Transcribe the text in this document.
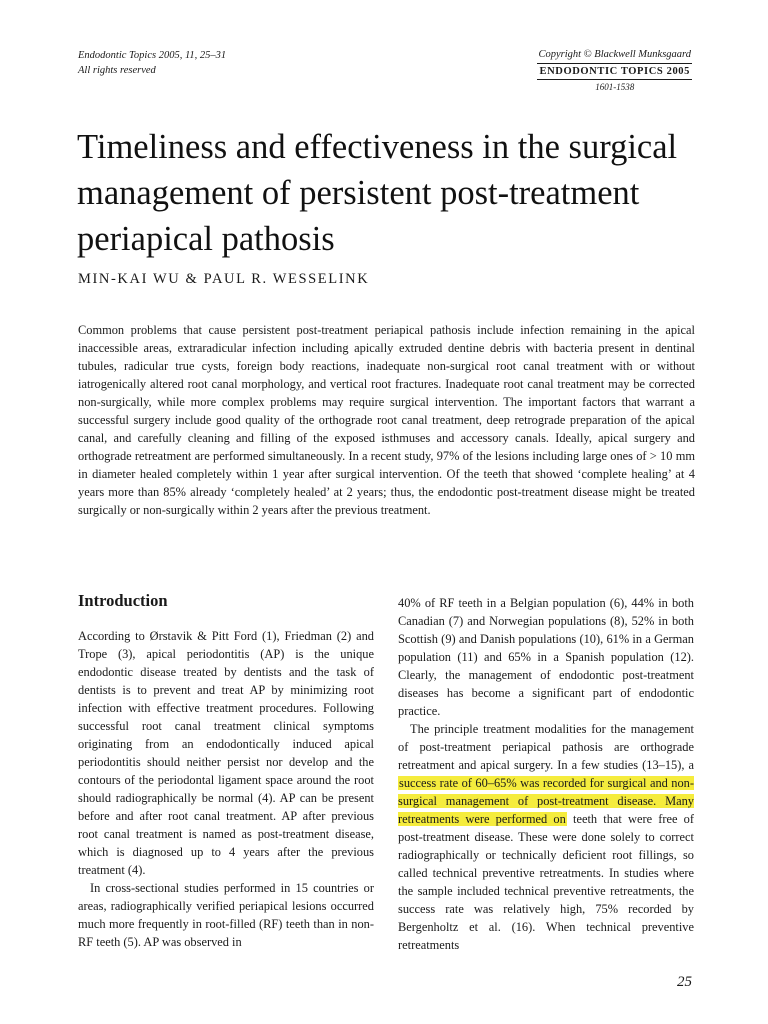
Endodontic Topics 2005, 11, 25–31
All rights reserved
Copyright © Blackwell Munksgaard
ENDODONTIC TOPICS 2005
1601-1538
Timeliness and effectiveness in the surgical management of persistent post-treatment periapical pathosis

MIN-KAI WU & PAUL R. WESSELINK

Common problems that cause persistent post-treatment periapical pathosis include infection remaining in the apical inaccessible areas, extraradicular infection including apically extruded dentine debris with bacteria present in dentinal tubules, radicular true cysts, foreign body reactions, inadequate non-surgical root canal treatment with or without iatrogenically altered root canal morphology, and vertical root fractures. Inadequate root canal treatment may be corrected non-surgically, while more complex problems may require surgical intervention. The important factors that warrant a successful surgery include good quality of the orthograde root canal treatment, deep retrograde preparation of the apical canal, and carefully cleaning and filling of the exposed isthmuses and accessory canals. Ideally, apical surgery and orthograde retreatment are performed simultaneously. In a recent study, 97% of the lesions including large ones of > 10 mm in diameter healed completely within 1 year after surgical intervention. Of the teeth that showed ‘complete healing’ at 4 years more than 85% already ‘completely healed’ at 2 years; thus, the endodontic post-treatment disease might be treated surgically or non-surgically within 2 years after the previous treatment.

Introduction

According to Ørstavik & Pitt Ford (1), Friedman (2) and Trope (3), apical periodontitis (AP) is the unique endodontic disease treated by dentists and the task of dentists is to prevent and treat AP by minimizing root infection with effective treatment procedures. Following successful root canal treatment clinical symptoms originating from an endodontically induced apical periodontitis should neither persist nor develop and the contours of the periodontal ligament space around the root should radiographically be normal (4). AP can be present before and after root canal treatment. AP after previous root canal treatment is named as post-treatment disease, which is diagnosed up to 4 years after the previous treatment (4).

In cross-sectional studies performed in 15 countries or areas, radiographically verified periapical lesions occurred much more frequently in root-filled (RF) teeth than in non-RF teeth (5). AP was observed in

40% of RF teeth in a Belgian population (6), 44% in both Canadian (7) and Norwegian populations (8), 52% in both Scottish (9) and Danish populations (10), 61% in a German population (11) and 65% in a Spanish population (12). Clearly, the management of endodontic post-treatment diseases has become a significant part of endodontic practice.

The principle treatment modalities for the management of post-treatment periapical pathosis are orthograde retreatment and apical surgery. In a few studies (13–15), a success rate of 60–65% was recorded for surgical and non-surgical management of post-treatment disease. Many retreatments were performed on teeth that were free of post-treatment disease. These were done solely to correct radiographically or technically deficient root fillings, so called technical preventive retreatments. In studies where the sample included technical preventive retreatments, the success rate was relatively high, 75% recorded by Bergenholtz et al. (16). When technical preventive retreatments

25
